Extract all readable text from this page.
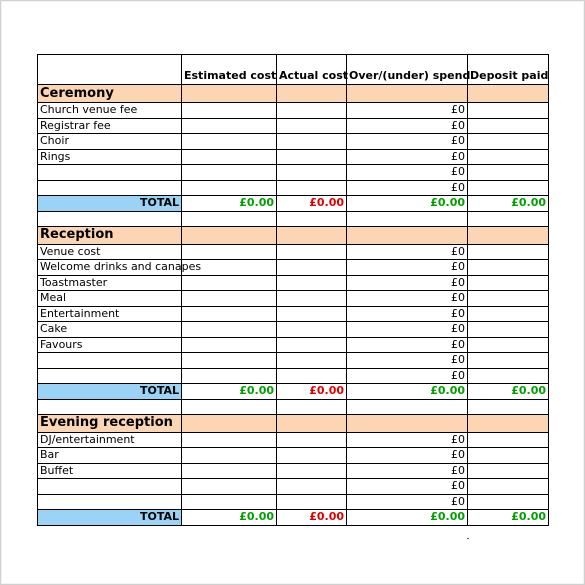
	Estimated cost	Actual cost	Over/(under) spend	Deposit paid
Ceremony				
Church venue fee			£0	
Registrar fee			£0	
Choir			£0	
Rings			£0	
			£0	
			£0	
TOTAL	£0.00	£0.00	£0.00	£0.00

Reception				
Venue cost			£0	
Welcome drinks and canapes			£0	
Toastmaster			£0	
Meal			£0	
Entertainment			£0	
Cake			£0	
Favours			£0	
			£0	
			£0	
TOTAL	£0.00	£0.00	£0.00	£0.00

Evening reception				
DJ/entertainment			£0	
Bar			£0	
Buffet			£0	
			£0	
			£0	
TOTAL	£0.00	£0.00	£0.00	£0.00
